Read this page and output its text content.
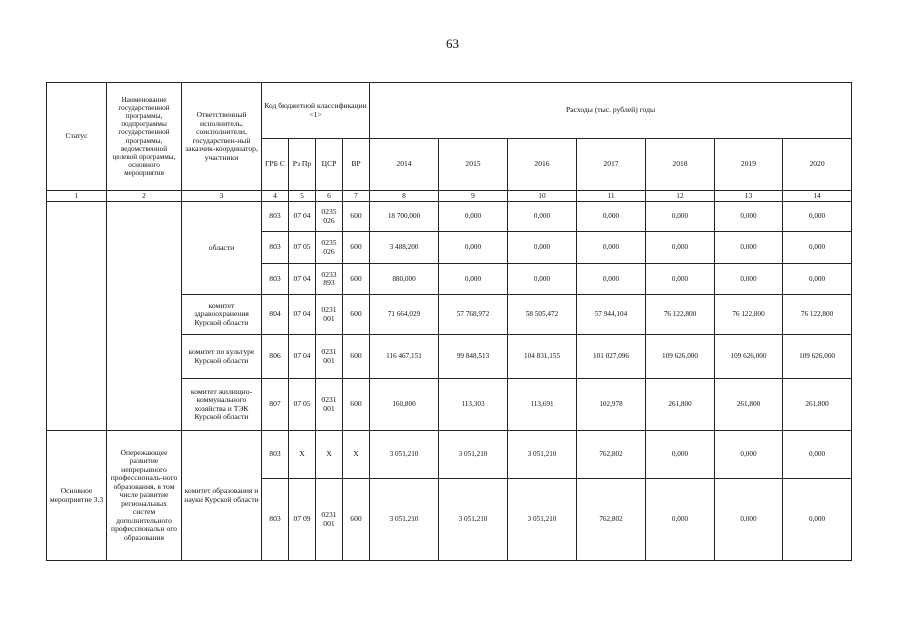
63
Статус	Наименование государственной программы, подпрограммы государственной программы, ведомственной целевой программы, основного мероприятия	Ответственный исполнитель, соисполнители, государствен-ный заказчик-координатор, участники	Код бюджетной классификации <1>				Расходы (тыс. рублей) годы						
			ГРБ С	Рз Пр	ЦСР	ВР	2014	2015	2016	2017	2018	2019	2020
1	2	3	4	5	6	7	8	9	10	11	12	13	14
		области	803	07 04	0235 026	600	18 700,000	0,000	0,000	0,000	0,000	0,000	0,000
			803	07 05	0235 026	600	3 488,200	0,000	0,000	0,000	0,000	0,000	0,000
			803	07 04	0233 893	600	880,000	0,000	0,000	0,000	0,000	0,000	0,000
		комитет здравоохранения Курской области	804	07 04	0231 001	600	71 664,029	57 768,972	58 505,472	57 944,104	76 122,800	76 122,800	76 122,800
		комитет по культуре Курской области	806	07 04	0231 001	600	116 467,151	99 848,513	104 831,155	101 027,096	109 626,000	109 626,000	109 626,000
		комитет жилищно-коммунального хозяйства и ТЭК Курской области	807	07 05	0231 001	600	160,800	113,303	113,691	102,978	261,800	261,800	261,800
Основное мероприятие 3.3	Опережающее развитие непрерывного профессиональ-ного образования, в том числе развитие региональных систем дополнительного профессиональн ого образования	комитет образования и науки Курской области	803	Х	Х	Х	3 051,210	3 051,210	3 051,210	762,802	0,000	0,000	0,000
			803	07 09	0231 001	600	3 051,210	3 051,210	3 051,210	762,802	0,000	0,000	0,000
